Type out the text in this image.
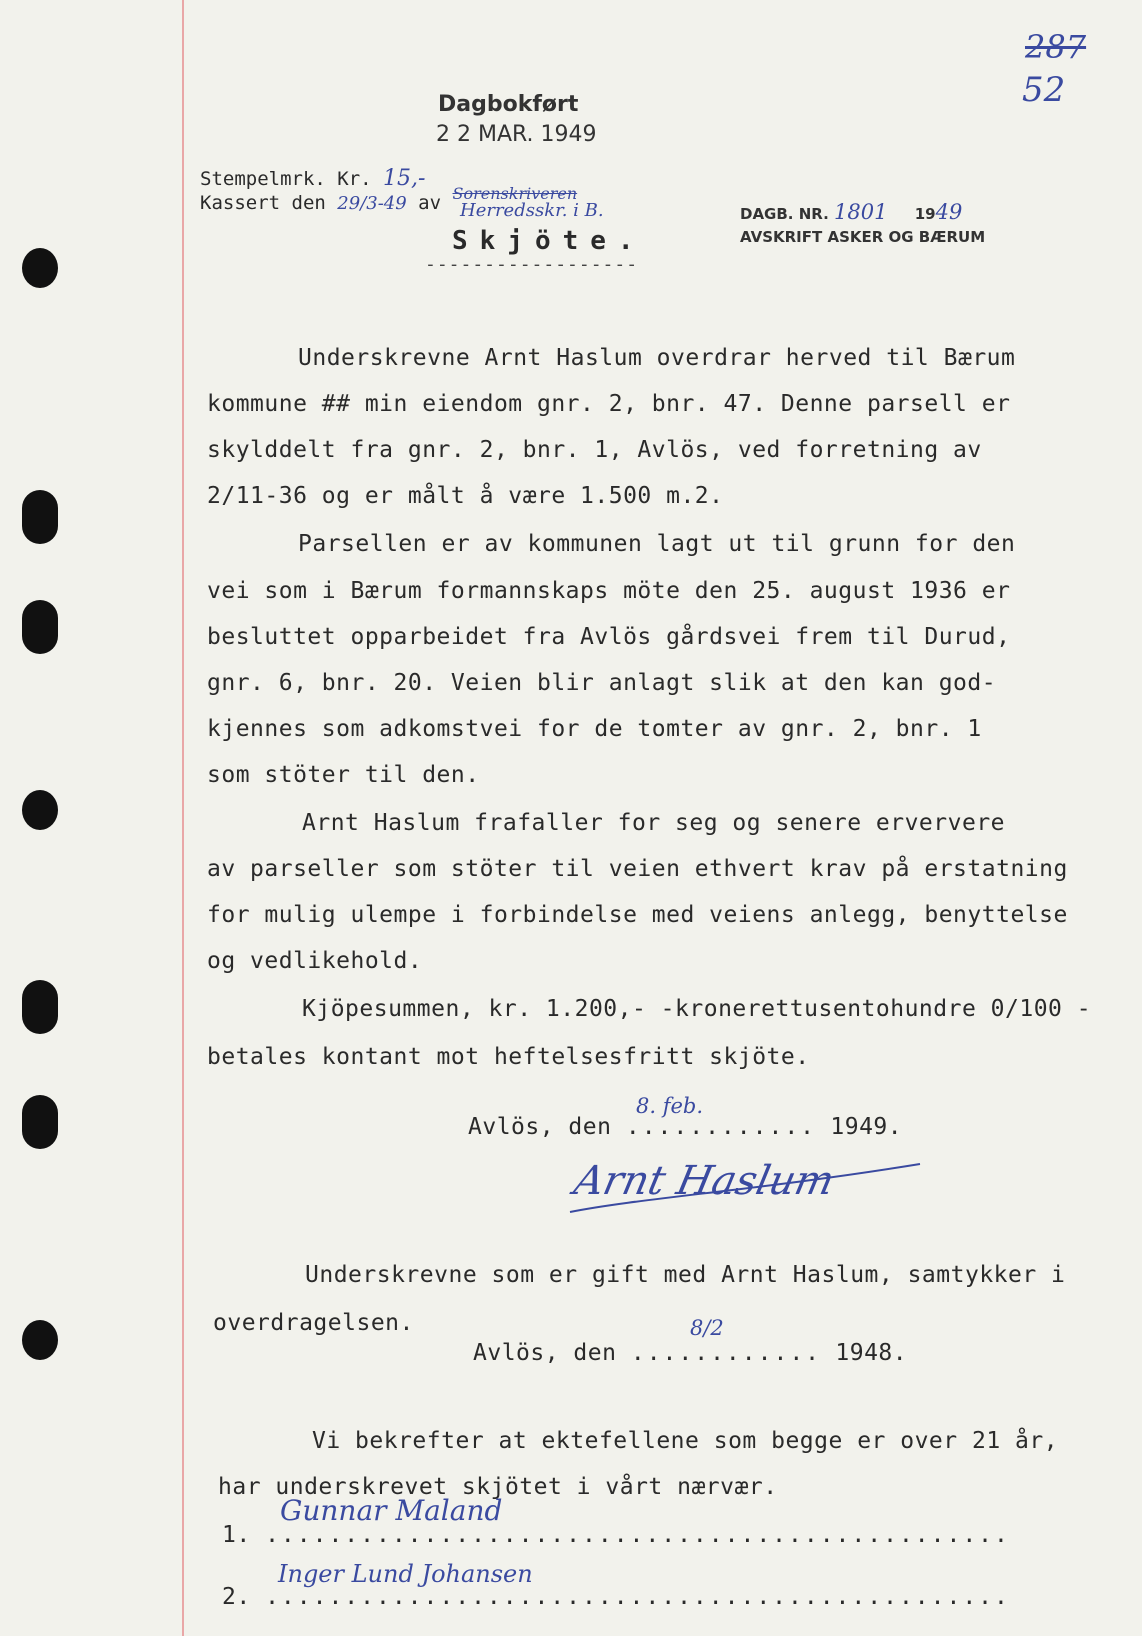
287
52
Dagbokført
2 2 MAR. 1949
Stempelmrk. Kr. 15,-
Kassert den 29/3-49 av $^{Sorenskriveren}$
Herredsskr. i B.	DAGB. NR. 1801 1949
AVSKRIFT ASKER OG BÆRUM
Skjöte.
------------------
Underskrevne Arnt Haslum overdrar herved til Bærum
kommune ## min eiendom gnr. 2, bnr. 47. Denne parsell er
skylddelt fra gnr. 2, bnr. 1, Avlös, ved forretning av
2/11-36 og er målt å være 1.500 m.2.
Parsellen er av kommunen lagt ut til grunn for den
vei som i Bærum formannskaps möte den 25. august 1936 er
besluttet opparbeidet fra Avlös gårdsvei frem til Durud,
gnr. 6, bnr. 20. Veien blir anlagt slik at den kan god-
kjennes som adkomstvei for de tomter av gnr. 2, bnr. 1
som stöter til den.
Arnt Haslum frafaller for seg og senere erververe
av parseller som stöter til veien ethvert krav på erstatning
for mulig ulempe i forbindelse med veiens anlegg, benyttelse
og vedlikehold.
Kjöpesummen, kr. 1.200,- -kronerettusentohundre 0/100 -
betales kontant mot heftelsesfritt skjöte.
Avlös, den ............ 1949.
8. feb.
Arnt Haslum
Underskrevne som er gift med Arnt Haslum, samtykker i
overdragelsen.
Avlös, den ............ 1948.
8/2
Vi bekrefter at ektefellene som begge er over 21 år,
har underskrevet skjötet i vårt nærvær.
1. ...............................................
Gunnar Maland
2. ...............................................
Inger Lund Johansen
